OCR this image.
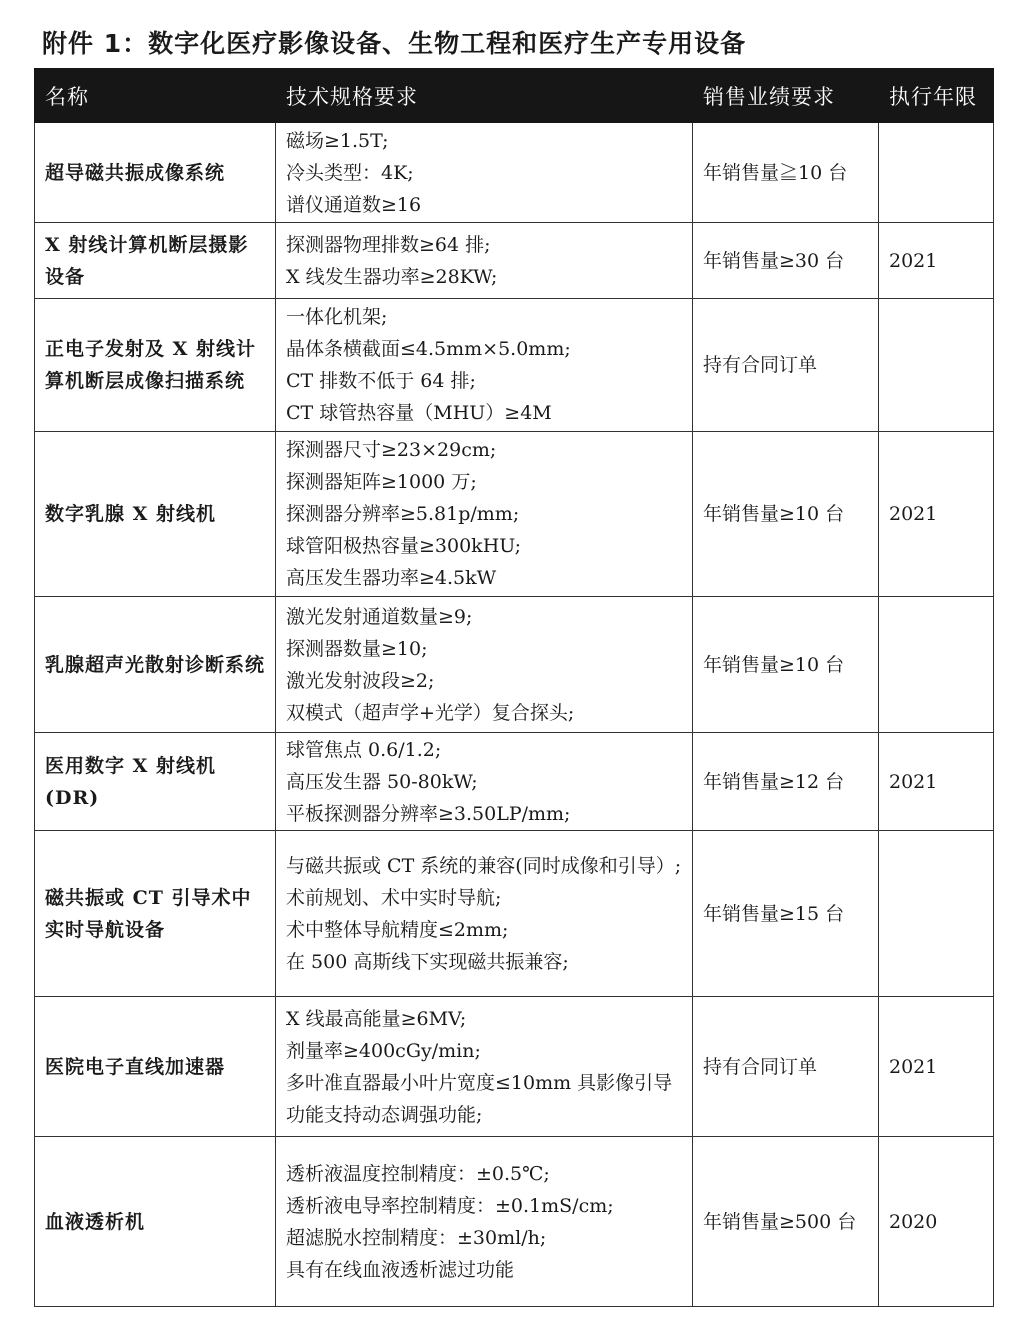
附件 1：数字化医疗影像设备、生物工程和医疗生产专用设备
名称	技术规格要求	销售业绩要求	执行年限
超导磁共振成像系统	磁场≥1.5T;
冷头类型：4K;
谱仪通道数≥16	年销售量≧10 台	
X 射线计算机断层摄影设备	探测器物理排数≥64 排;
X 线发生器功率≥28KW;	年销售量≥30 台	2021
正电子发射及 X 射线计算机断层成像扫描系统	一体化机架;
晶体条横截面≤4.5mm×5.0mm;
CT 排数不低于 64 排;
CT 球管热容量（MHU）≥4M	持有合同订单	
数字乳腺 X 射线机	探测器尺寸≥23×29cm;
探测器矩阵≥1000 万;
探测器分辨率≥5.81p/mm;
球管阳极热容量≥300kHU;
高压发生器功率≥4.5kW	年销售量≥10 台	2021
乳腺超声光散射诊断系统	激光发射通道数量≥9;
探测器数量≥10;
激光发射波段≥2;
双模式（超声学+光学）复合探头;	年销售量≥10 台	
医用数字 X 射线机(DR)	球管焦点 0.6/1.2;
高压发生器 50-80kW;
平板探测器分辨率≥3.50LP/mm;	年销售量≥12 台	2021
磁共振或 CT 引导术中实时导航设备	与磁共振或 CT 系统的兼容(同时成像和引导）;
术前规划、术中实时导航;
术中整体导航精度≤2mm;
在 500 高斯线下实现磁共振兼容;	年销售量≥15 台	
医院电子直线加速器	X 线最高能量≥6MV;
剂量率≥400cGy/min;
多叶准直器最小叶片宽度≤10mm 具影像引导功能支持动态调强功能;	持有合同订单	2021
血液透析机	透析液温度控制精度：±0.5℃;
透析液电导率控制精度：±0.1mS/cm;
超滤脱水控制精度：±30ml/h;
具有在线血液透析滤过功能	年销售量≥500 台	2020
